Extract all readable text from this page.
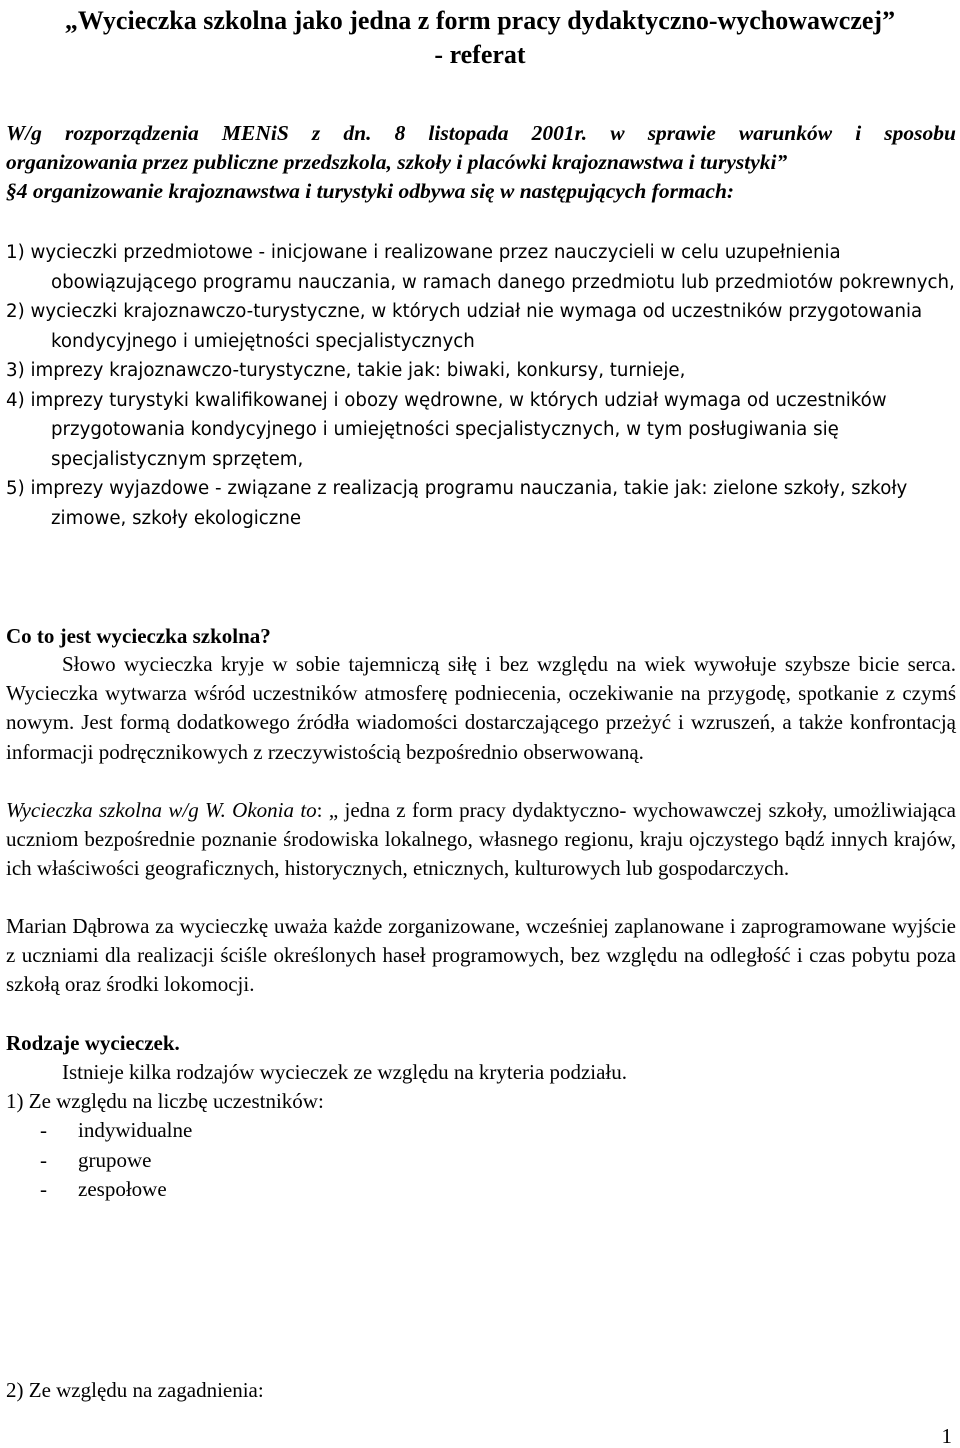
„Wycieczka szkolna jako jedna z form pracy dydaktyczno-wychowawczej”
- referat
W/g rozporządzenia MENiS z dn. 8 listopada 2001r. w sprawie warunków i sposobu
organizowania przez publiczne przedszkola, szkoły i placówki krajoznawstwa i turystyki”
§4 organizowanie krajoznawstwa i turystyki odbywa się w następujących formach:
1) wycieczki przedmiotowe - inicjowane i realizowane przez nauczycieli w celu uzupełnienia obowiązującego programu nauczania, w ramach danego przedmiotu lub przedmiotów pokrewnych,
2) wycieczki krajoznawczo-turystyczne, w których udział nie wymaga od uczestników przygotowania kondycyjnego i umiejętności specjalistycznych
3) imprezy krajoznawczo-turystyczne, takie jak: biwaki, konkursy, turnieje,
4) imprezy turystyki kwalifikowanej i obozy wędrowne, w których udział wymaga od uczestników przygotowania kondycyjnego i umiejętności specjalistycznych, w tym posługiwania się specjalistycznym sprzętem,
5) imprezy wyjazdowe - związane z realizacją programu nauczania, takie jak: zielone szkoły, szkoły zimowe, szkoły ekologiczne
Co to jest wycieczka szkolna?

Słowo wycieczka kryje w sobie tajemniczą siłę i bez względu na wiek wywołuje szybsze bicie serca. Wycieczka wytwarza wśród uczestników atmosferę podniecenia, oczekiwanie na przygodę, spotkanie z czymś nowym. Jest formą dodatkowego źródła wiadomości dostarczającego przeżyć i wzruszeń, a także konfrontacją informacji podręcznikowych z rzeczywistością bezpośrednio obserwowaną.

Wycieczka szkolna w/g W. Okonia to: „ jedna z form pracy dydaktyczno- wychowawczej szkoły, umożliwiająca uczniom bezpośrednie poznanie środowiska lokalnego, własnego regionu, kraju ojczystego bądź innych krajów, ich właściwości geograficznych, historycznych, etnicznych, kulturowych lub gospodarczych.

Marian Dąbrowa za wycieczkę uważa każde zorganizowane, wcześniej zaplanowane i zaprogramowane wyjście z uczniami dla realizacji ściśle określonych haseł programowych, bez względu na odległość i czas pobytu poza szkołą oraz środki lokomocji.

Rodzaje wycieczek.

Istnieje kilka rodzajów wycieczek ze względu na kryteria podziału.

1) Ze względu na liczbę uczestników:

- indywidualne
- grupowe
- zespołowe

2) Ze względu na zagadnienia:

1
